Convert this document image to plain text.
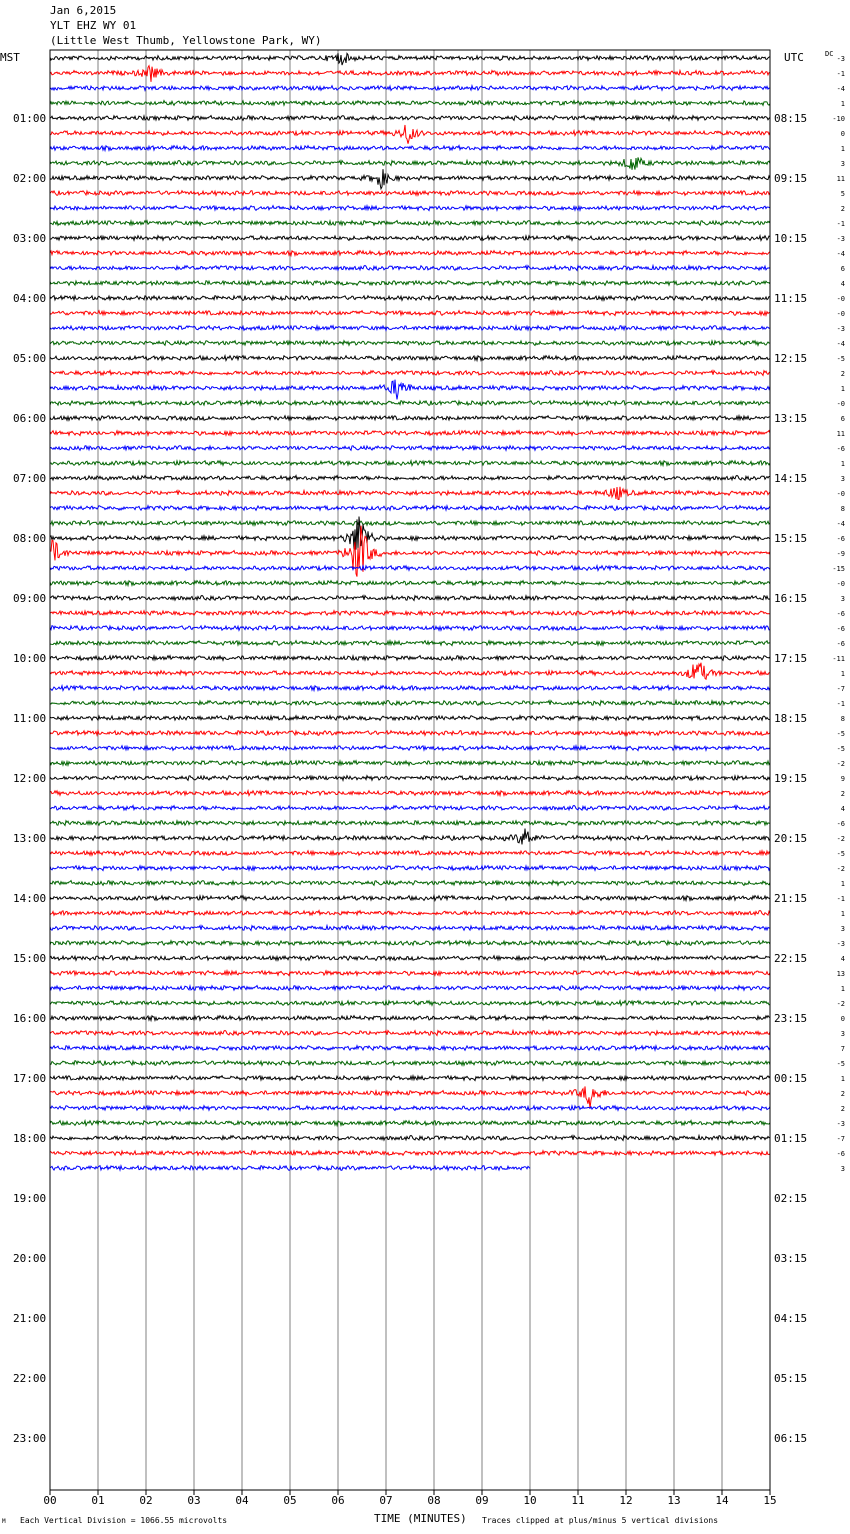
Jan 6,2015
YLT EHZ WY 01
(Little West Thumb, Yellowstone Park, WY)
00	01	02	03	04	05	06	07	08	09	10	11	12	13	14	15
01:00
02:00
03:00
04:00
05:00
06:00
07:00
08:00
09:00
10:00
11:00
12:00
13:00
14:00
15:00
16:00
17:00
18:00
19:00
20:00
21:00
22:00
23:00
08:15
09:15
10:15
11:15
12:15
13:15
14:15
15:15
16:15
17:15
18:15
19:15
20:15
21:15
22:15
23:15
00:15
01:15
02:15
03:15
04:15
05:15
06:15
-3
-1
-4
1
-10
0
1
3
11
5
2
-1
-3
-4
6
4
-0
-0
-3
-4
-5
2
1
-0
6
11
-6
1
3
-0
8
-4
-6
-9
-15
-0
3
-6
-6
-6
-11
1
-7
-1
8
-5
-5
-2
9
2
4
-6
-2
-5
-2
1
-1
1
3
-3
4
13
1
-2
0
3
7
-5
1
2
2
-3
-7
-6
3
MST	UTC	DC
TIME (MINUTES)
Each Vertical Division = 1066.55 microvolts	Traces clipped at plus/minus 5 vertical divisions
M
